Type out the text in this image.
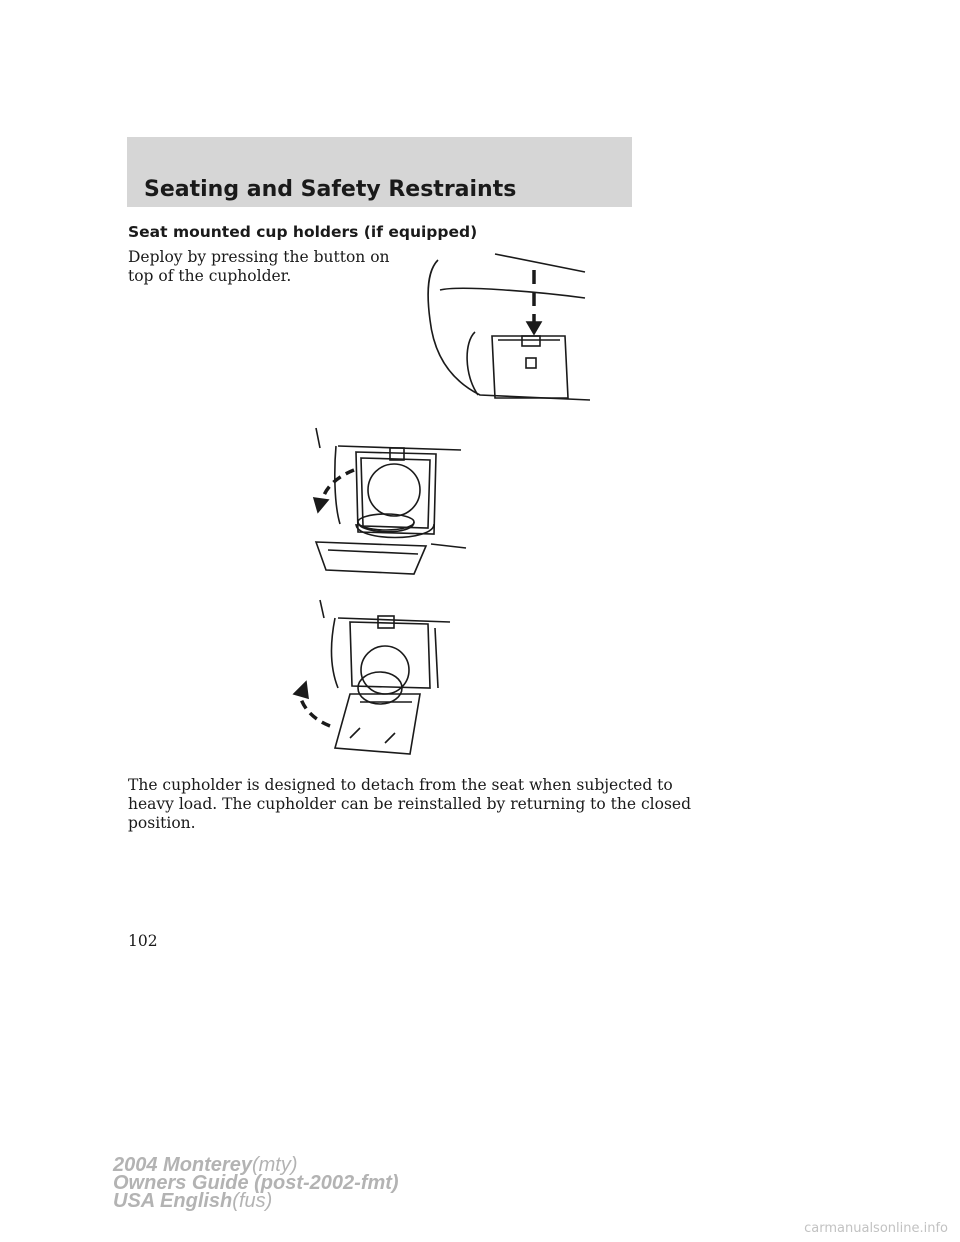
Seating and Safety Restraints
Seat mounted cup holders (if equipped)
Deploy by pressing the button on
top of the cupholder.
The cupholder is designed to detach from the seat when subjected to
heavy load. The cupholder can be reinstalled by returning to the closed
position.
102
2004 Monterey(mty)
Owners Guide (post-2002-fmt)
USA English(fus)
carmanualsonline.info
